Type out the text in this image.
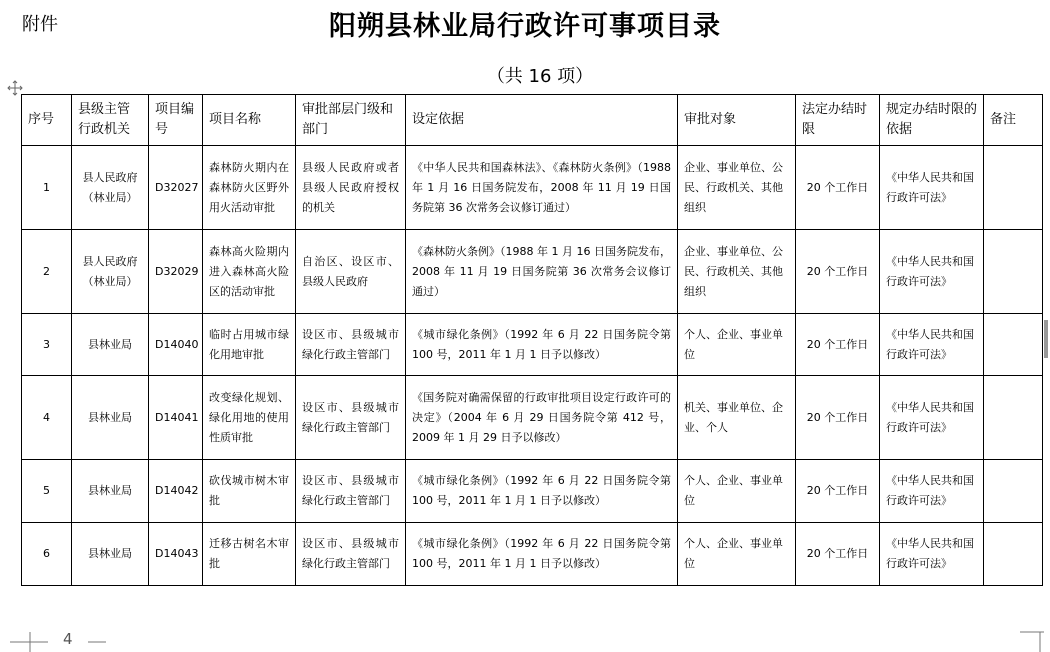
附件	阳朔县林业局行政许可事项目录
（共 16 项）
序号	县级主管行政机关	项目编号	项目名称	审批部层门级和部门	设定依据	审批对象	法定办结时限	规定办结时限的依据	备注
1	县人民政府（林业局）	D32027	森林防火期内在森林防火区野外用火活动审批	县级人民政府或者县级人民政府授权的机关	《中华人民共和国森林法》、《森林防火条例》（1988 年 1 月 16 日国务院发布，2008 年 11 月 19 日国务院第 36 次常务会议修订通过）	企业、事业单位、公民、行政机关、其他组织	20 个工作日	《中华人民共和国行政许可法》	
2	县人民政府（林业局）	D32029	森林高火险期内进入森林高火险区的活动审批	自治区、设区市、县级人民政府	《森林防火条例》（1988 年 1 月 16 日国务院发布，2008 年 11 月 19 日国务院第 36 次常务会议修订通过）	企业、事业单位、公民、行政机关、其他组织	20 个工作日	《中华人民共和国行政许可法》	
3	县林业局	D14040	临时占用城市绿化用地审批	设区市、县级城市绿化行政主管部门	《城市绿化条例》（1992 年 6 月 22 日国务院令第 100 号，2011 年 1 月 1 日予以修改）	个人、企业、事业单位	20 个工作日	《中华人民共和国行政许可法》	
4	县林业局	D14041	改变绿化规划、绿化用地的使用性质审批	设区市、县级城市绿化行政主管部门	《国务院对确需保留的行政审批项目设定行政许可的决定》（2004 年 6 月 29 日国务院令第 412 号，2009 年 1 月 29 日予以修改）	机关、事业单位、企业、个人	20 个工作日	《中华人民共和国行政许可法》	
5	县林业局	D14042	砍伐城市树木审批	设区市、县级城市绿化行政主管部门	《城市绿化条例》（1992 年 6 月 22 日国务院令第 100 号，2011 年 1 月 1 日予以修改）	个人、企业、事业单位	20 个工作日	《中华人民共和国行政许可法》	
6	县林业局	D14043	迁移古树名木审批	设区市、县级城市绿化行政主管部门	《城市绿化条例》（1992 年 6 月 22 日国务院令第 100 号，2011 年 1 月 1 日予以修改）	个人、企业、事业单位	20 个工作日	《中华人民共和国行政许可法》	
4
